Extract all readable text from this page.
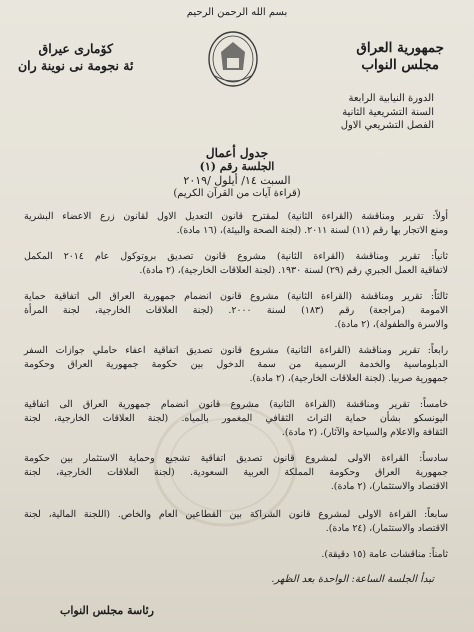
بسم الله الرحمن الرحيم
جمهورية العراق
مجلس النواب
كۆمارى عيراق
ئة نجومة نى نوينة ران
الدورة النيابية الرابعة
السنة التشريعية الثانية
الفصل التشريعي الاول
جدول أعمال
الجلسة رقم (١)
السبت ١٤/ أيلول /٢٠١٩
(قراءة آيات من القرآن الكريم)
أولاً: تقرير ومناقشة (القراءة الثانية) لمقترح قانون التعديل الاول لقانون زرع الاعضاء البشرية
ومنع الاتجار بها رقم (١١) لسنة ٢٠١١. (لجنة الصحة والبيئة)، (١٦ مادة).
ثانياً: تقرير ومناقشة (القراءة الثانية) مشروع قانون تصديق بروتوكول عام ٢٠١٤ المكمل
لاتفاقية العمل الجبري رقم (٢٩) لسنة ١٩٣٠. (لجنة العلاقات الخارجية)، (٢ مادة).
ثالثاً: تقرير ومناقشة (القراءة الثانية) مشروع قانون انضمام جمهورية العراق الى اتفاقية حماية
الامومة (مراجعة) رقم (١٨٣) لسنة ٢٠٠٠. (لجنة العلاقات الخارجية، لجنة المرأة
والاسرة والطفولة)، (٢ مادة).
رابعاً: تقرير ومناقشة (القراءة الثانية) مشروع قانون تصديق اتفاقية اعفاء حاملي جوازات السفر
الدبلوماسية والخدمة الرسمية من سمة الدخول بين حكومة جمهورية العراق وحكومة
جمهورية صربيا. (لجنة العلاقات الخارجية)، (٢ مادة).
خامساً: تقرير ومناقشة (القراءة الثانية) مشروع قانون انضمام جمهورية العراق الى اتفاقية
اليونسكو بشأن حماية التراث الثقافي المغمور بالمياه. (لجنة العلاقات الخارجية، لجنة
الثقافة والاعلام والسياحة والآثار)، (٢ مادة).
سادساً: القراءة الاولى لمشروع قانون تصديق اتفاقية تشجيع وحماية الاستثمار بين حكومة
جمهورية العراق وحكومة المملكة العربية السعودية. (لجنة العلاقات الخارجية، لجنة
الاقتصاد والاستثمار)، (٢ مادة).
سابعاً: القراءة الاولى لمشروع قانون الشراكة بين القطاعين العام والخاص. (اللجنة المالية، لجنة
الاقتصاد والاستثمار)، (٢٤ مادة).
ثامناً: مناقشات عامة (١٥ دقيقة).
تبدأ الجلسة الساعة: الواحدة بعد الظهر.
رئاسة مجلس النواب
